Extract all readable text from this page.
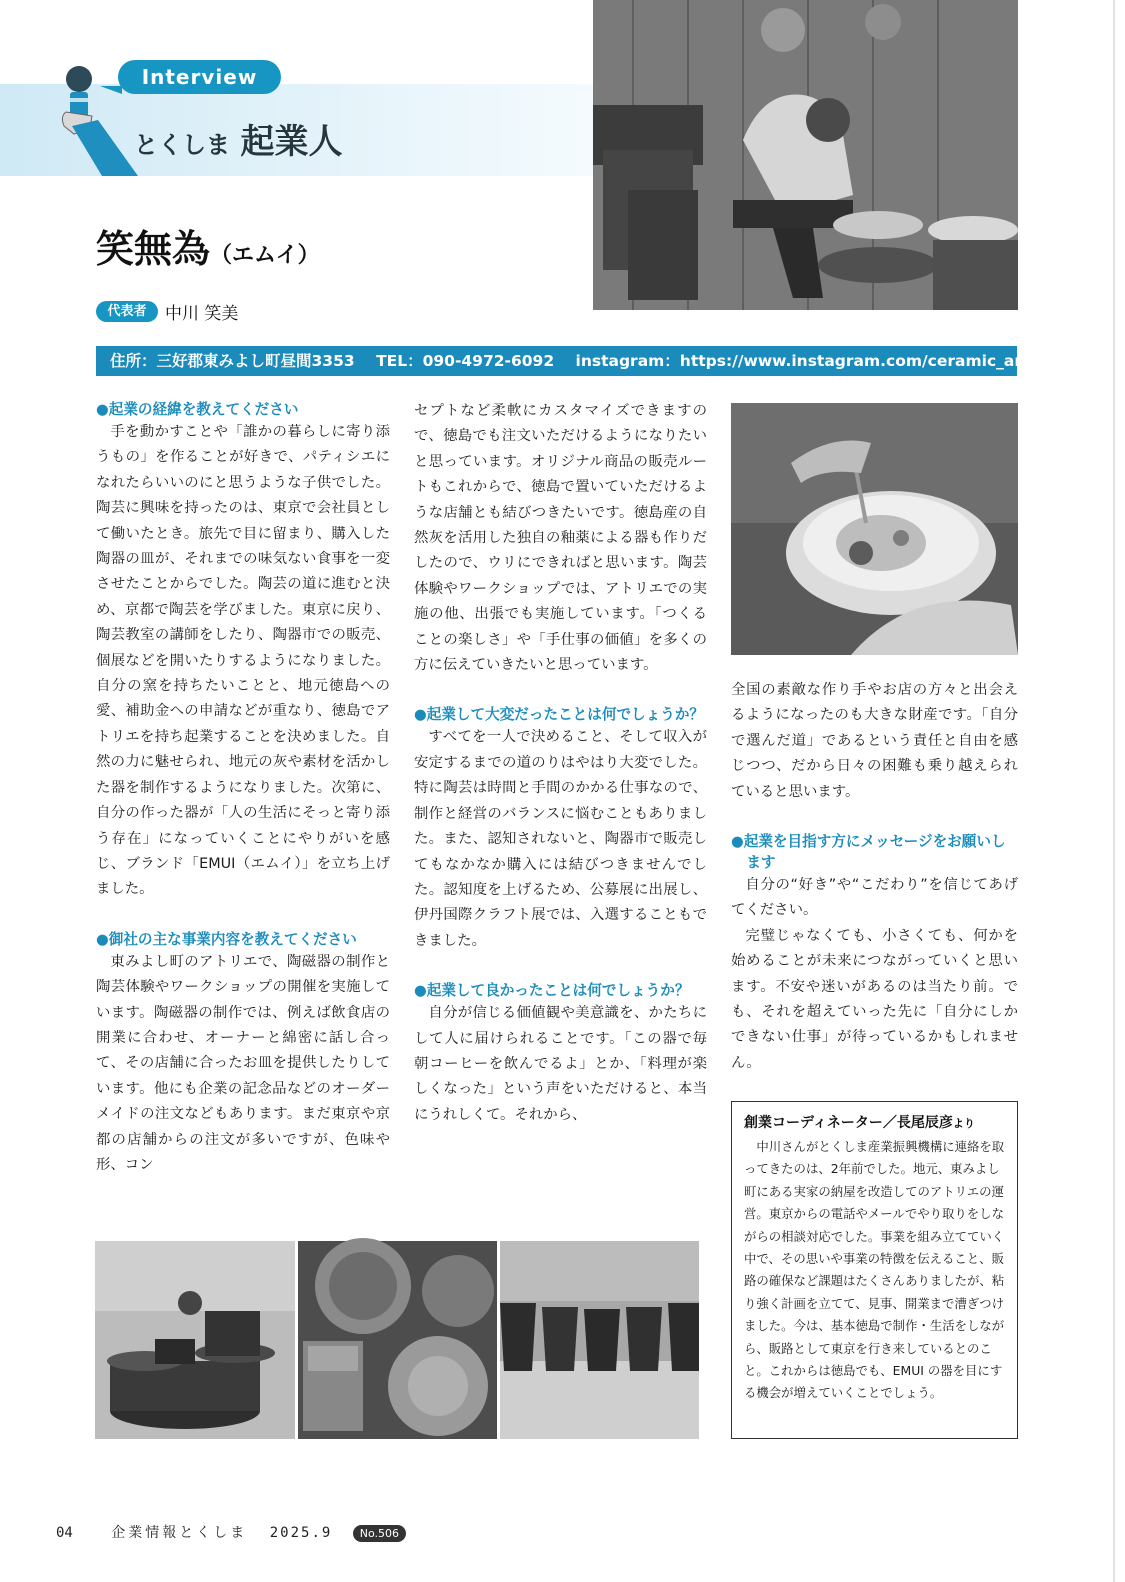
Interview
とくしま 起業人
笑無為（エムイ）
代表者	中川 笑美
住所：三好郡東みよし町昼間3353 TEL：090-4972-6092 instagram：https://www.instagram.com/ceramic_art_emui
●起業の経緯を教えてください

手を動かすことや「誰かの暮らしに寄り添うもの」を作ることが好きで、パティシエになれたらいいのにと思うような子供でした。陶芸に興味を持ったのは、東京で会社員として働いたとき。旅先で目に留まり、購入した陶器の皿が、それまでの味気ない食事を一変させたことからでした。陶芸の道に進むと決め、京都で陶芸を学びました。東京に戻り、陶芸教室の講師をしたり、陶器市での販売、個展などを開いたりするようになりました。自分の窯を持ちたいことと、地元徳島への愛、補助金への申請などが重なり、徳島でアトリエを持ち起業することを決めました。自然の力に魅せられ、地元の灰や素材を活かした器を制作するようになりました。次第に、自分の作った器が「人の生活にそっと寄り添う存在」になっていくことにやりがいを感じ、ブランド「EMUI（エムイ）」を立ち上げました。

●御社の主な事業内容を教えてください

東みよし町のアトリエで、陶磁器の制作と陶芸体験やワークショップの開催を実施しています。陶磁器の制作では、例えば飲食店の開業に合わせ、オーナーと綿密に話し合って、その店舗に合ったお皿を提供したりしています。他にも企業の記念品などのオーダーメイドの注文などもあります。まだ東京や京都の店舗からの注文が多いですが、色味や形、コン

セプトなど柔軟にカスタマイズできますので、徳島でも注文いただけるようになりたいと思っています。オリジナル商品の販売ルートもこれからで、徳島で置いていただけるような店舗とも結びつきたいです。徳島産の自然灰を活用した独自の釉薬による器も作りだしたので、ウリにできればと思います。陶芸体験やワークショップでは、アトリエでの実施の他、出張でも実施しています。「つくることの楽しさ」や「手仕事の価値」を多くの方に伝えていきたいと思っています。

●起業して大変だったことは何でしょうか？

すべてを一人で決めること、そして収入が安定するまでの道のりはやはり大変でした。特に陶芸は時間と手間のかかる仕事なので、制作と経営のバランスに悩むこともありました。また、認知されないと、陶器市で販売してもなかなか購入には結びつきませんでした。認知度を上げるため、公募展に出展し、伊丹国際クラフト展では、入選することもできました。

●起業して良かったことは何でしょうか？

自分が信じる価値観や美意識を、かたちにして人に届けられることです。「この器で毎朝コーヒーを飲んでるよ」とか、「料理が楽しくなった」という声をいただけると、本当にうれしくて。それから、

全国の素敵な作り手やお店の方々と出会えるようになったのも大きな財産です。「自分で選んだ道」であるという責任と自由を感じつつ、だから日々の困難も乗り越えられていると思います。

●起業を目指す方にメッセージをお願いします

自分の“好き”や“こだわり”を信じてあげてください。

完璧じゃなくても、小さくても、何かを始めることが未来につながっていくと思います。不安や迷いがあるのは当たり前。でも、それを超えていった先に「自分にしかできない仕事」が待っているかもしれません。

創業コーディネーター／長尾辰彦より

中川さんがとくしま産業振興機構に連絡を取ってきたのは、2年前でした。地元、東みよし町にある実家の納屋を改造してのアトリエの運営。東京からの電話やメールでやり取りをしながらの相談対応でした。事業を組み立てていく中で、その思いや事業の特徴を伝えること、販路の確保など課題はたくさんありましたが、粘り強く計画を立てて、見事、開業まで漕ぎつけました。今は、基本徳島で制作・生活をしながら、販路として東京を行き来しているとのこと。これからは徳島でも、EMUI の器を目にする機会が増えていくことでしょう。

04	企業情報とくしま 2025.9 No.506
